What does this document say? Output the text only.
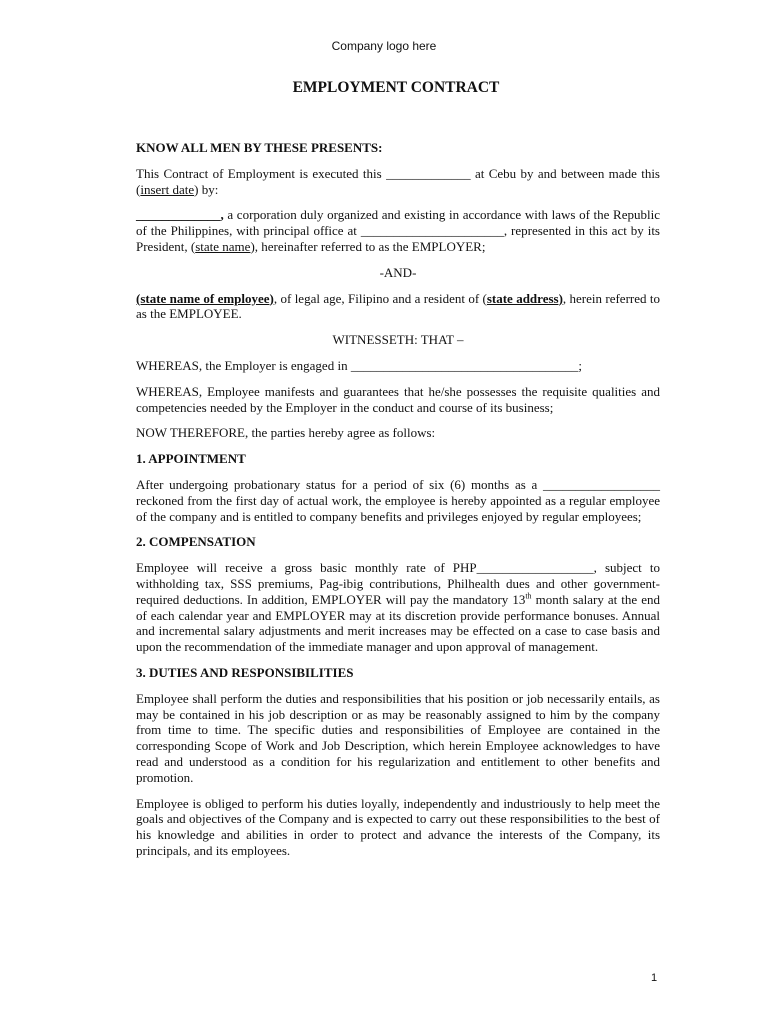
Company logo here
EMPLOYMENT CONTRACT
KNOW ALL MEN BY THESE PRESENTS:
This Contract of Employment is executed this _____________ at Cebu by and between made this (insert date) by:
_____________, a corporation duly organized and existing in accordance with laws of the Republic of the Philippines, with principal office at ______________________, represented in this act by its President, (state name), hereinafter referred to as the EMPLOYER;
-AND-
(state name of employee), of legal age, Filipino and a resident of (state address), herein referred to as the EMPLOYEE.
WITNESSETH: THAT –
WHEREAS, the Employer is engaged in ___________________________________;
WHEREAS, Employee manifests and guarantees that he/she possesses the requisite qualities and competencies needed by the Employer in the conduct and course of its business;
NOW THEREFORE, the parties hereby agree as follows:
1. APPOINTMENT
After undergoing probationary status for a period of six (6) months as a __________________ reckoned from the first day of actual work, the employee is hereby appointed as a regular employee of the company and is entitled to company benefits and privileges enjoyed by regular employees;
2. COMPENSATION
Employee will receive a gross basic monthly rate of PHP__________________, subject to withholding tax, SSS premiums, Pag-ibig contributions, Philhealth dues and other government-required deductions. In addition, EMPLOYER will pay the mandatory 13th month salary at the end of each calendar year and EMPLOYER may at its discretion provide performance bonuses. Annual and incremental salary adjustments and merit increases may be effected on a case to case basis and upon the recommendation of the immediate manager and upon approval of management.
3. DUTIES AND RESPONSIBILITIES
Employee shall perform the duties and responsibilities that his position or job necessarily entails, as may be contained in his job description or as may be reasonably assigned to him by the company from time to time. The specific duties and responsibilities of Employee are contained in the corresponding Scope of Work and Job Description, which herein Employee acknowledges to have read and understood as a condition for his regularization and entitlement to other benefits and promotion.
Employee is obliged to perform his duties loyally, independently and industriously to help meet the goals and objectives of the Company and is expected to carry out these responsibilities to the best of his knowledge and abilities in order to protect and advance the interests of the Company, its principals, and its employees.
1
